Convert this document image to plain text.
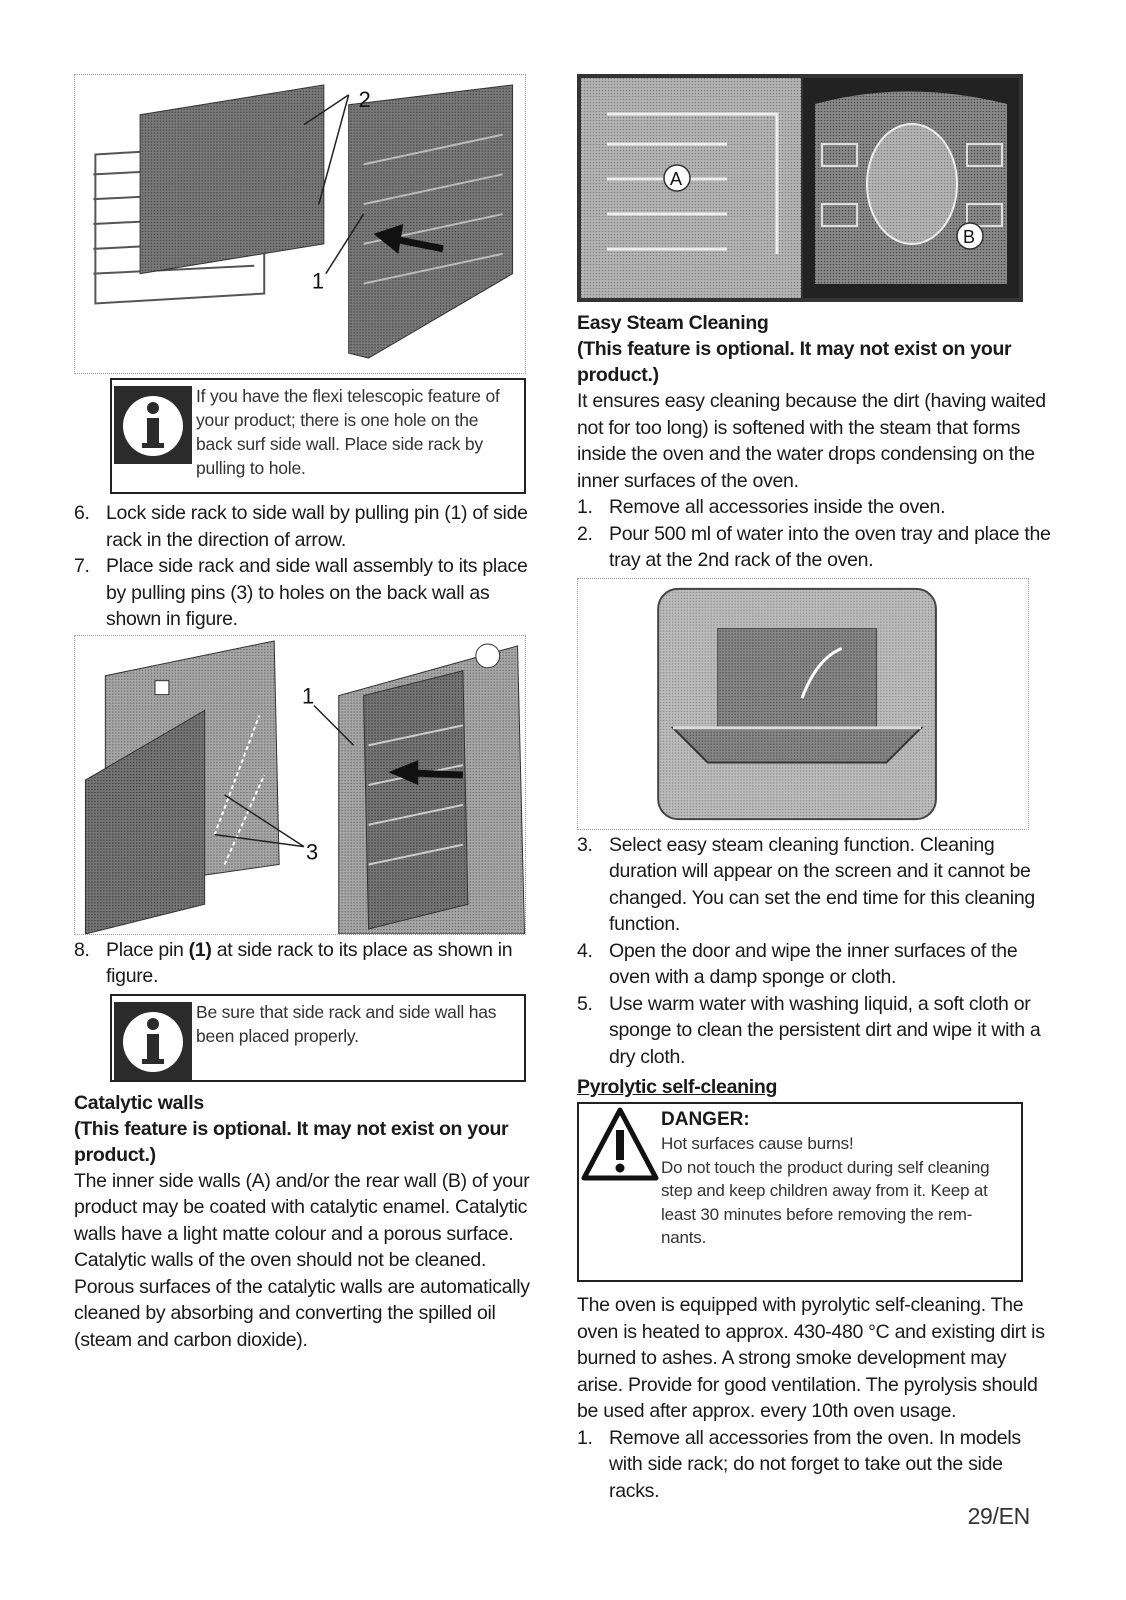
2
1
If you have the flexi telescopic feature of your product; there is one hole on the back surf side wall. Place side rack by pulling to hole.
6. Lock side rack to side wall by pulling pin (1) of side rack in the direction of arrow.
7. Place side rack and side wall assembly to its place by pulling pins (3) to holes on the back wall as shown in figure.
1
3
8. Place pin (1) at side rack to its place as shown in figure.
Be sure that side rack and side wall has been placed properly.
Catalytic walls

(This feature is optional. It may not exist on your product.)

The inner side walls (A) and/or the rear wall (B) of your product may be coated with catalytic enamel. Catalytic walls have a light matte colour and a porous surface. Catalytic walls of the oven should not be cleaned. Porous surfaces of the catalytic walls are automatically cleaned by absorbing and converting the spilled oil (steam and carbon dioxide).
A
B
Easy Steam Cleaning

(This feature is optional. It may not exist on your product.)

It ensures easy cleaning because the dirt (having waited not for too long) is softened with the steam that forms inside the oven and the water drops condensing on the inner surfaces of the oven.
1. Remove all accessories inside the oven.
2. Pour 500 ml of water into the oven tray and place the tray at the 2nd rack of the oven.
3. Select easy steam cleaning function. Cleaning duration will appear on the screen and it cannot be changed. You can set the end time for this cleaning function.
4. Open the door and wipe the inner surfaces of the oven with a damp sponge or cloth.
5. Use warm water with washing liquid, a soft cloth or sponge to clean the persistent dirt and wipe it with a dry cloth.
Pyrolytic self-cleaning

DANGER:

Hot surfaces cause burns!
Do not touch the product during self cleaning step and keep children away from it. Keep at least 30 minutes before removing the rem- nants.
The oven is equipped with pyrolytic self-cleaning. The oven is heated to approx. 430-480 °C and existing dirt is burned to ashes. A strong smoke development may arise. Provide for good ventilation. The pyrolysis should be used after approx. every 10th oven usage.
1. Remove all accessories from the oven. In models with side rack; do not forget to take out the side racks.
29/EN
